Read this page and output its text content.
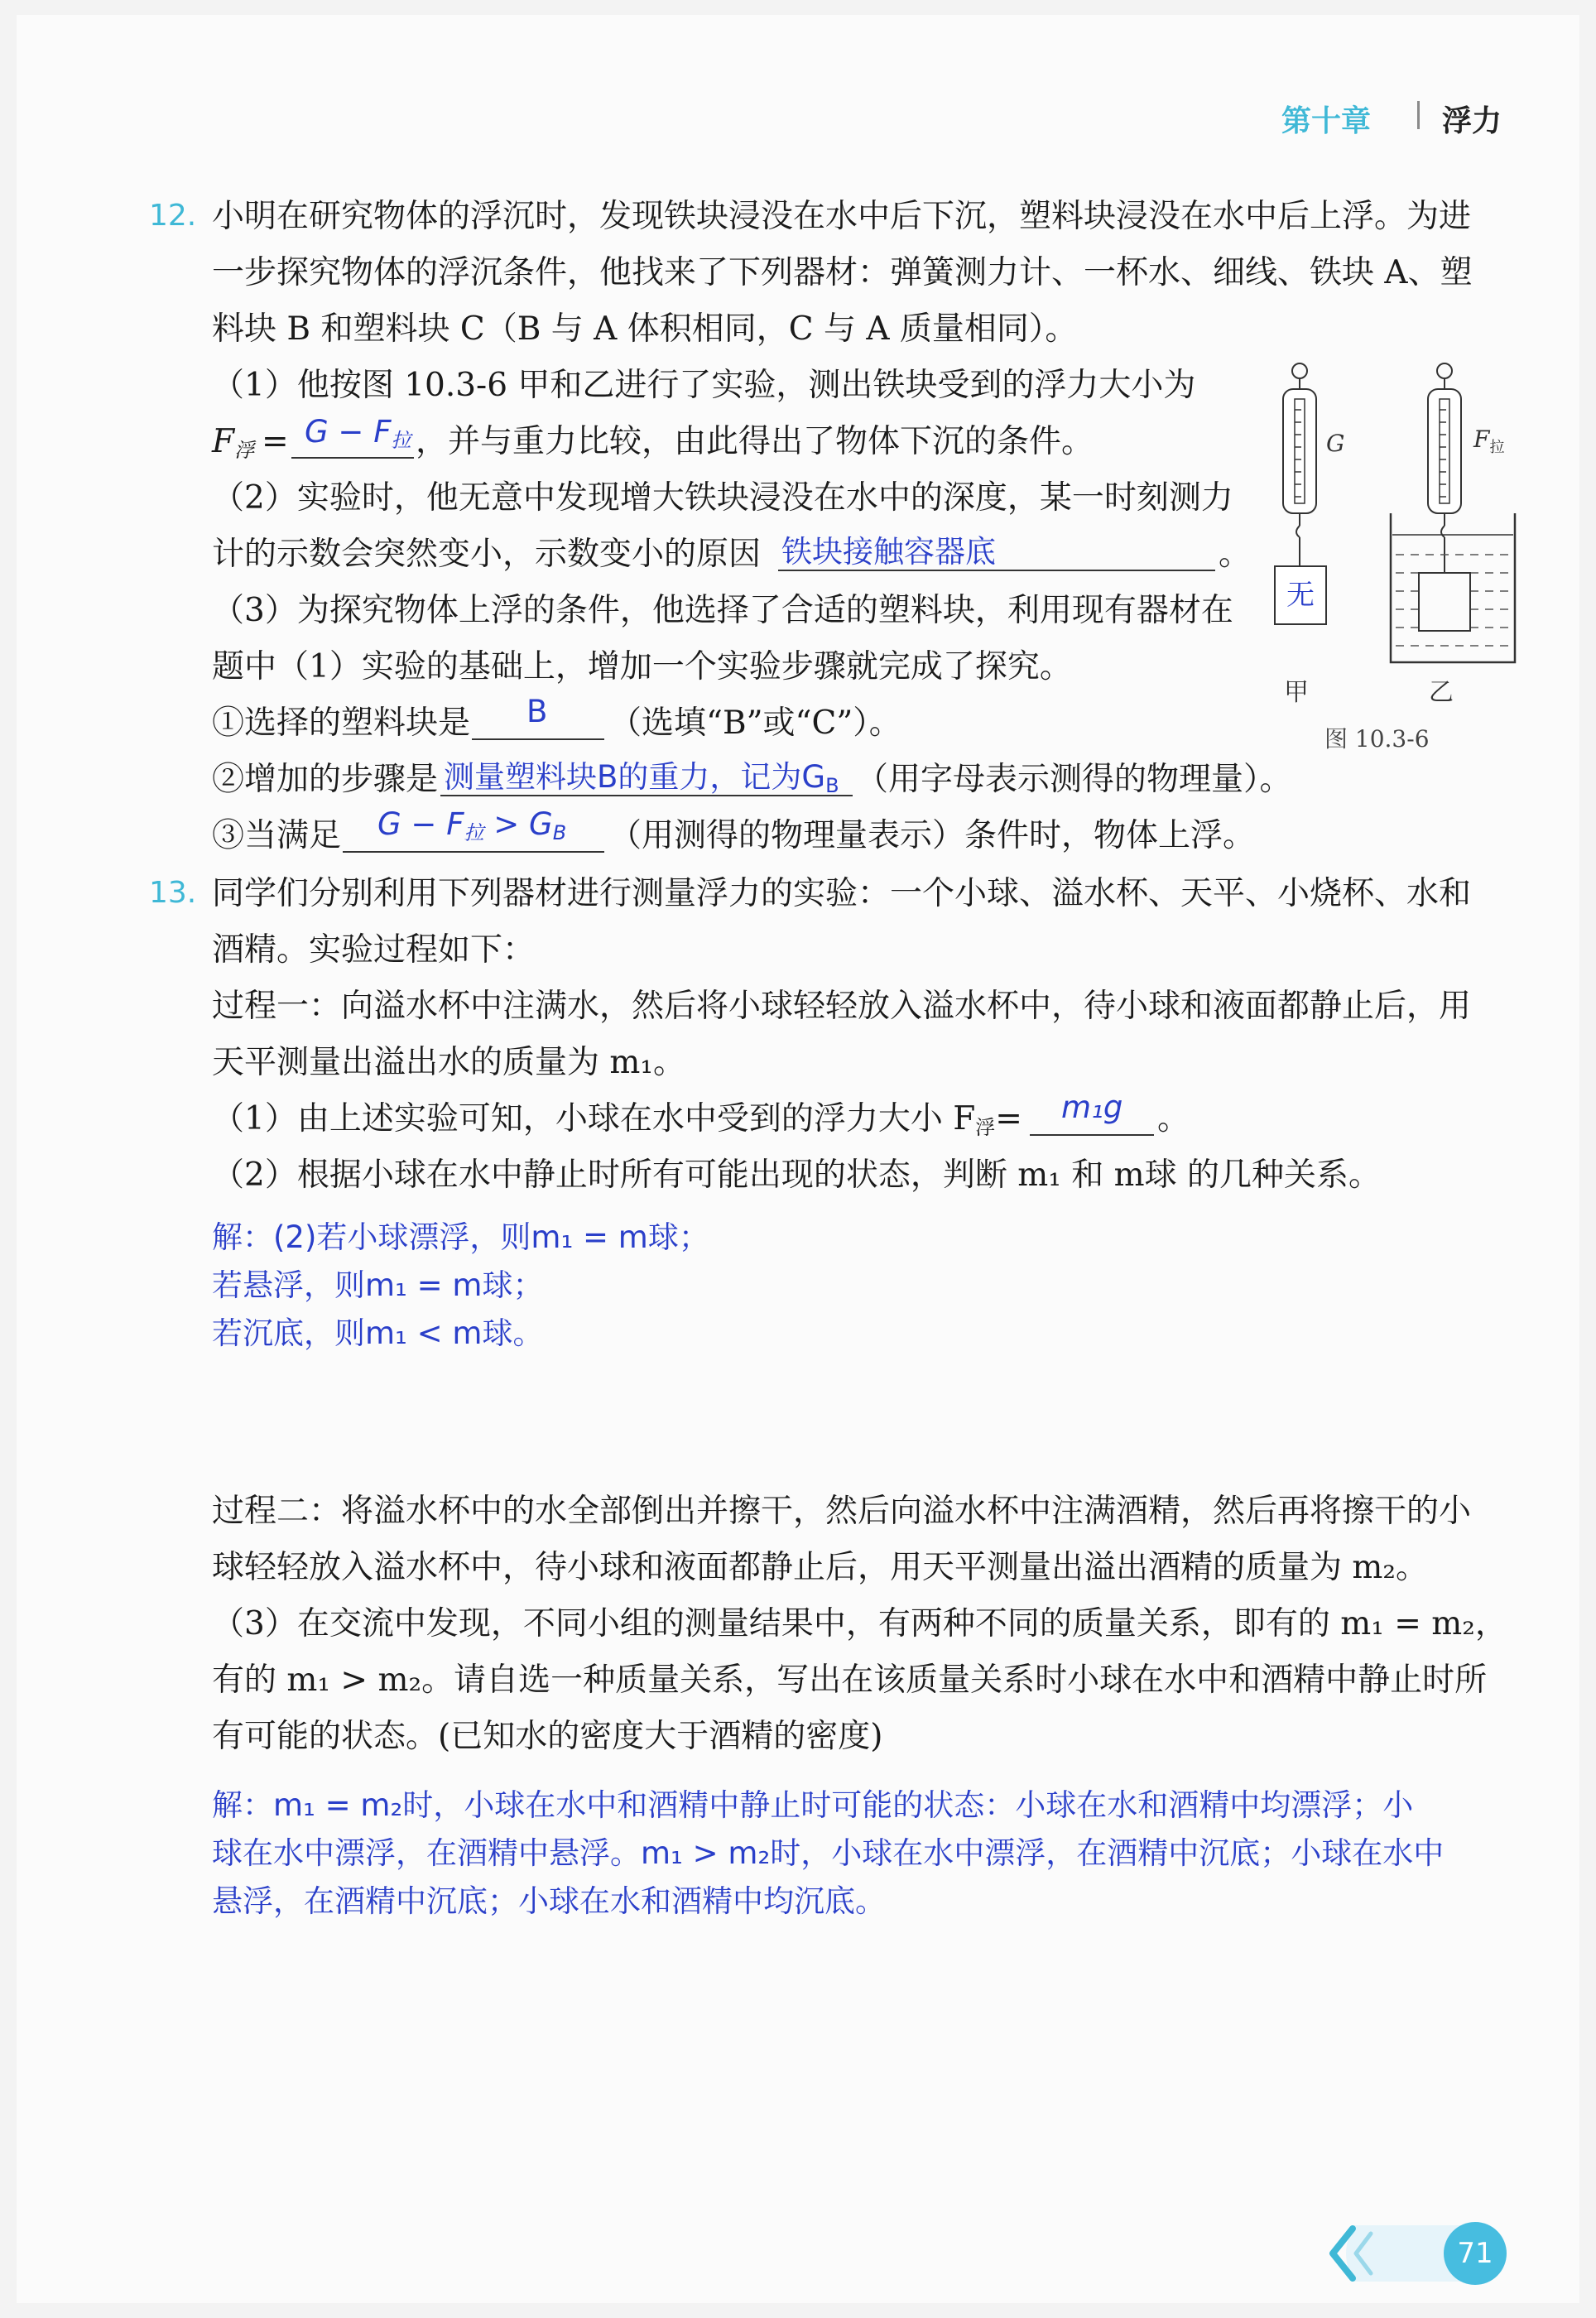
第十章 浮力
12. 小明在研究物体的浮沉时，发现铁块浸没在水中后下沉，塑料块浸没在水中后上浮。为进
一步探究物体的浮沉条件，他找来了下列器材：弹簧测力计、一杯水、细线、铁块 A、塑
料块 B 和塑料块 C（B 与 A 体积相同，C 与 A 质量相同）。
（1）他按图 10.3-6 甲和乙进行了实验，测出铁块受到的浮力大小为
$F_浮 = G - F_拉$ ，并与重力比较，由此得出了物体下沉的条件。
（2）实验时，他无意中发现增大铁块浸没在水中的深度，某一时刻测力
计的示数会突然变小，示数变小的原因 铁块接触容器底	。
（3）为探究物体上浮的条件，他选择了合适的塑料块，利用现有器材在
题中（1）实验的基础上，增加一个实验步骤就完成了探究。
①选择的塑料块是 B （选填“B”或“C”）。
②增加的步骤是 测量塑料块B的重力，记为$G_B$ （用字母表示测得的物理量）。
③当满足 $G - F_拉 > G_B$ （用测得的物理量表示）条件时，物体上浮。
无
G
甲
$F_拉$
乙
图 10.3-6
13. 同学们分别利用下列器材进行测量浮力的实验：一个小球、溢水杯、天平、小烧杯、水和
酒精。实验过程如下：
过程一：向溢水杯中注满水，然后将小球轻轻放入溢水杯中，待小球和液面都静止后，用
天平测量出溢出水的质量为 m₁。
（1）由上述实验可知，小球在水中受到的浮力大小 $F_浮= m_1g$ 。
（2）根据小球在水中静止时所有可能出现的状态，判断 m₁ 和 m球 的几种关系。
解：(2)若小球漂浮，则m₁ = m球；
若悬浮，则m₁ = m球；
若沉底，则m₁ < m球。
过程二：将溢水杯中的水全部倒出并擦干，然后向溢水杯中注满酒精，然后再将擦干的小
球轻轻放入溢水杯中，待小球和液面都静止后，用天平测量出溢出酒精的质量为 m₂。
（3）在交流中发现，不同小组的测量结果中，有两种不同的质量关系，即有的 m₁ = m₂，
有的 m₁ > m₂。请自选一种质量关系，写出在该质量关系时小球在水中和酒精中静止时所
有可能的状态。(已知水的密度大于酒精的密度)
解：m₁ = m₂时，小球在水中和酒精中静止时可能的状态：小球在水和酒精中均漂浮；小
球在水中漂浮，在酒精中悬浮。m₁ > m₂时，小球在水中漂浮，在酒精中沉底；小球在水中
悬浮，在酒精中沉底；小球在水和酒精中均沉底。
71
